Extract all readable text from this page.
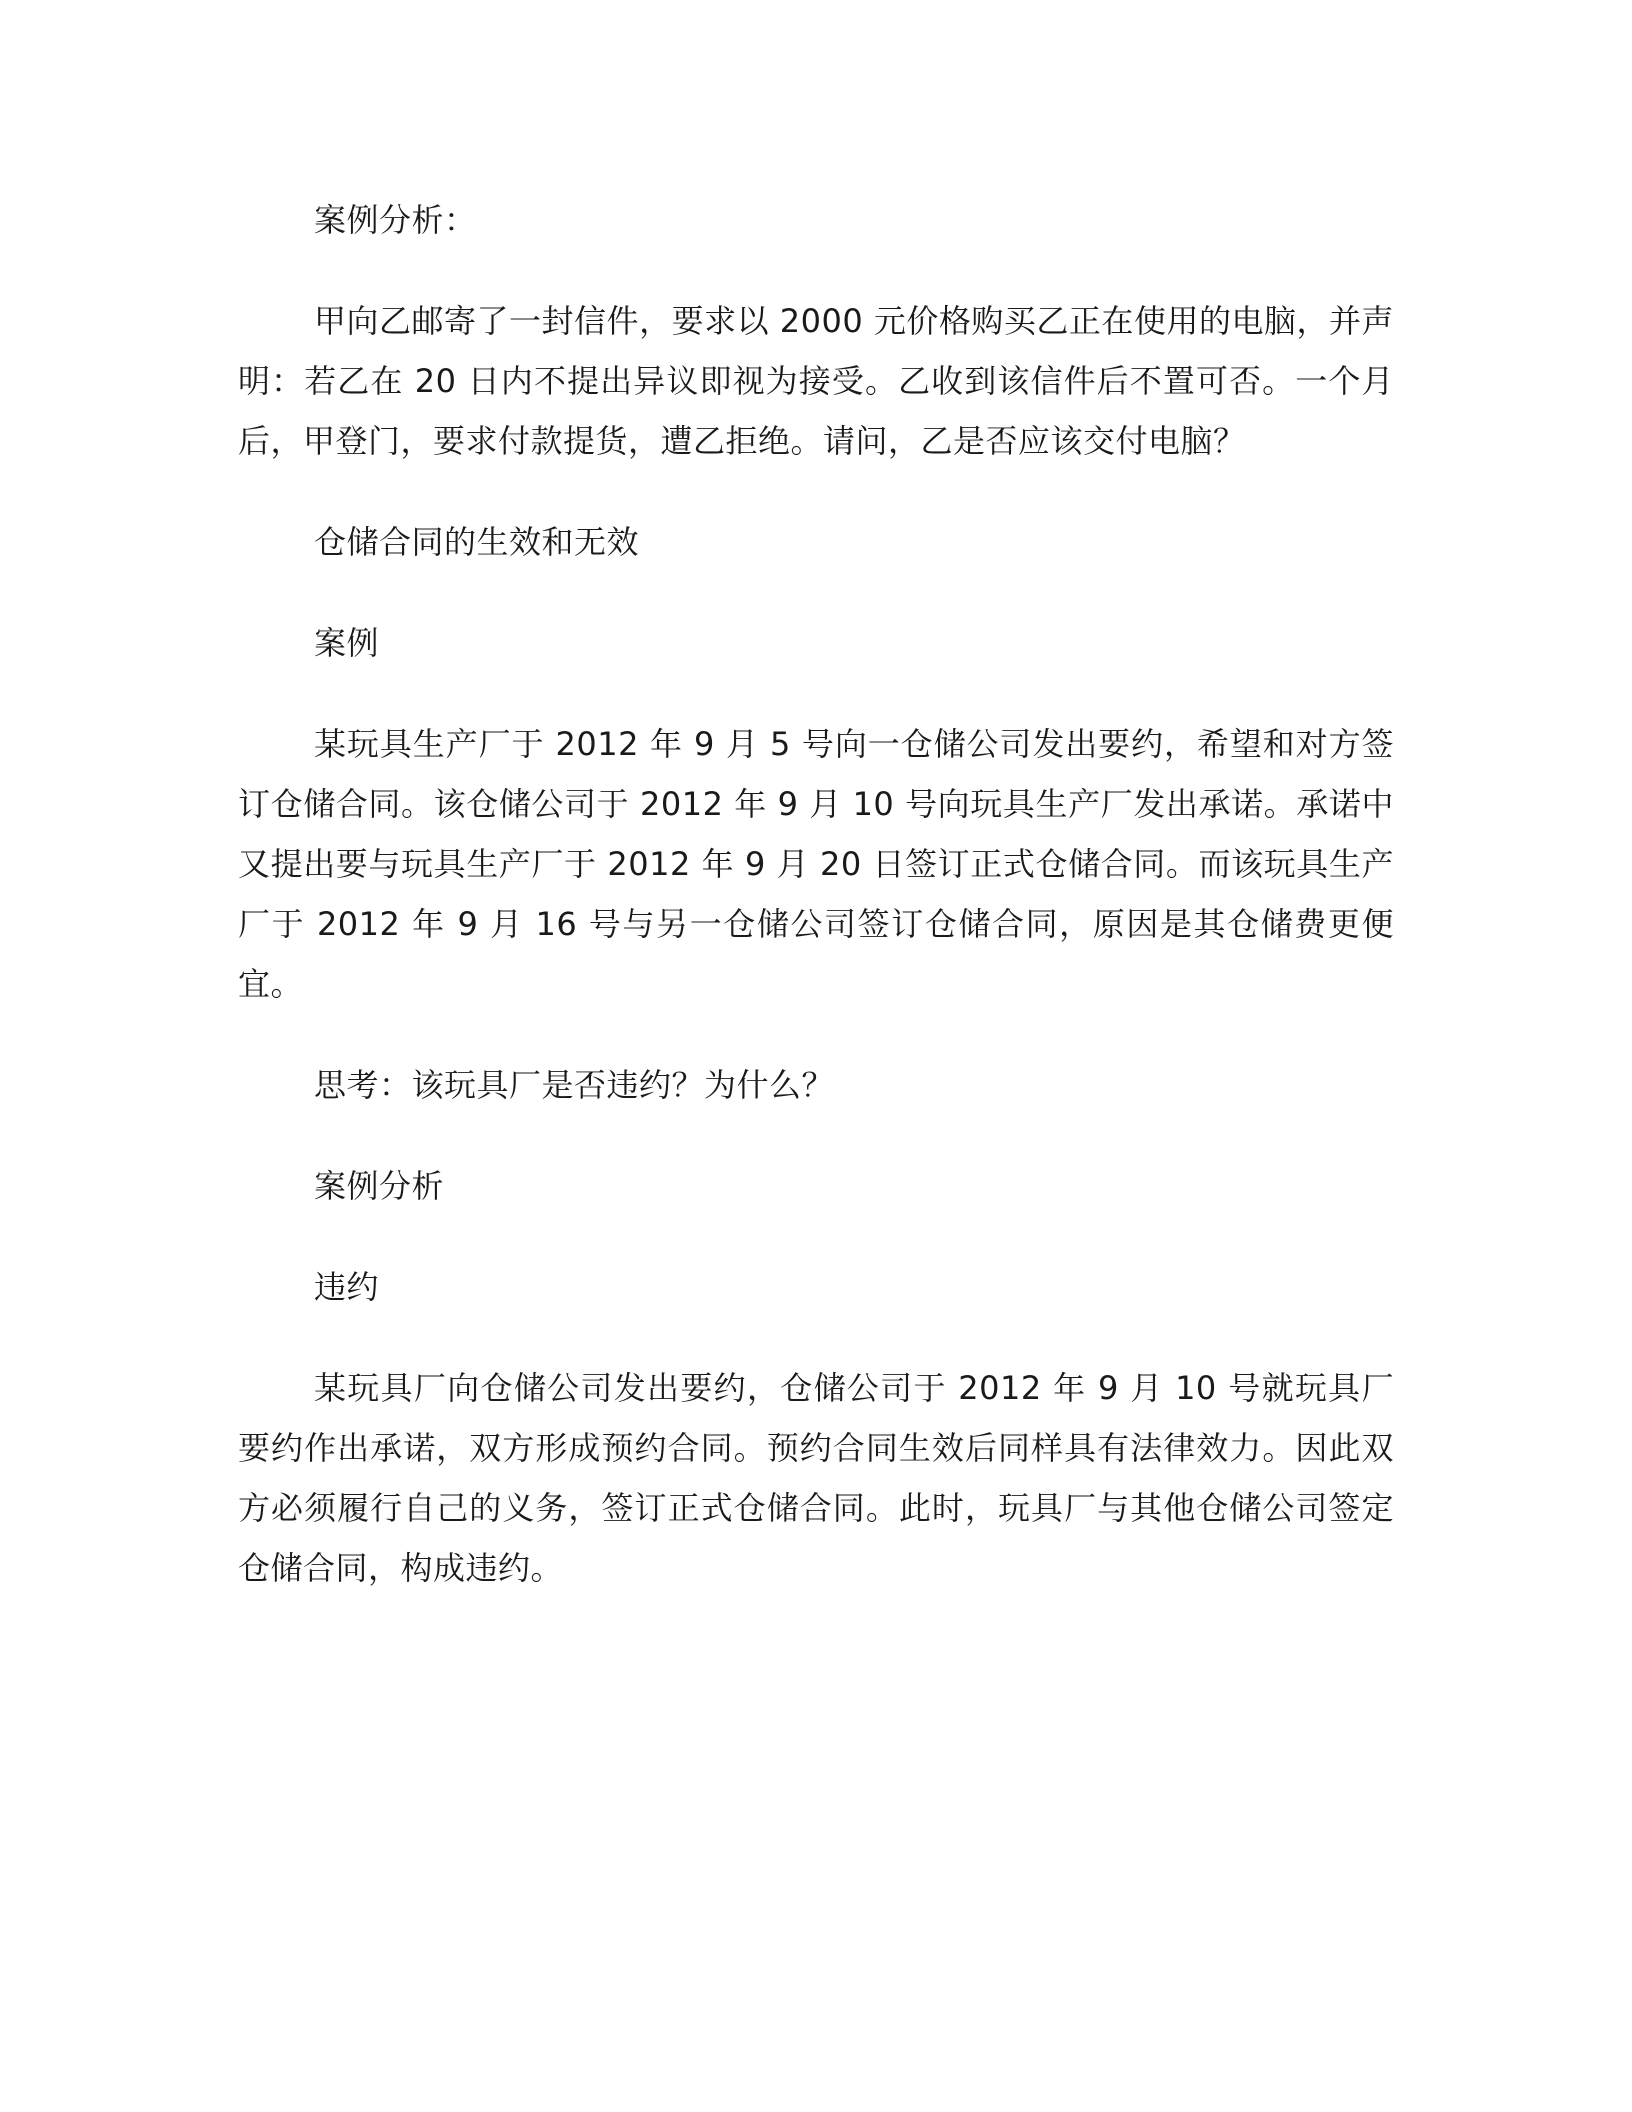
案例分析：

甲向乙邮寄了一封信件，要求以 2000 元价格购买乙正在使用的电脑，并声明：若乙在 20 日内不提出异议即视为接受。乙收到该信件后不置可否。一个月后，甲登门，要求付款提货，遭乙拒绝。请问，乙是否应该交付电脑？

仓储合同的生效和无效

案例

某玩具生产厂于 2012 年 9 月 5 号向一仓储公司发出要约，希望和对方签订仓储合同。该仓储公司于 2012 年 9 月 10 号向玩具生产厂发出承诺。承诺中又提出要与玩具生产厂于 2012 年 9 月 20 日签订正式仓储合同。而该玩具生产厂于 2012 年 9 月 16 号与另一仓储公司签订仓储合同，原因是其仓储费更便宜。

思考：该玩具厂是否违约？为什么？

案例分析

违约

某玩具厂向仓储公司发出要约，仓储公司于 2012 年 9 月 10 号就玩具厂要约作出承诺，双方形成预约合同。预约合同生效后同样具有法律效力。因此双方必须履行自己的义务，签订正式仓储合同。此时，玩具厂与其他仓储公司签定仓储合同，构成违约。
